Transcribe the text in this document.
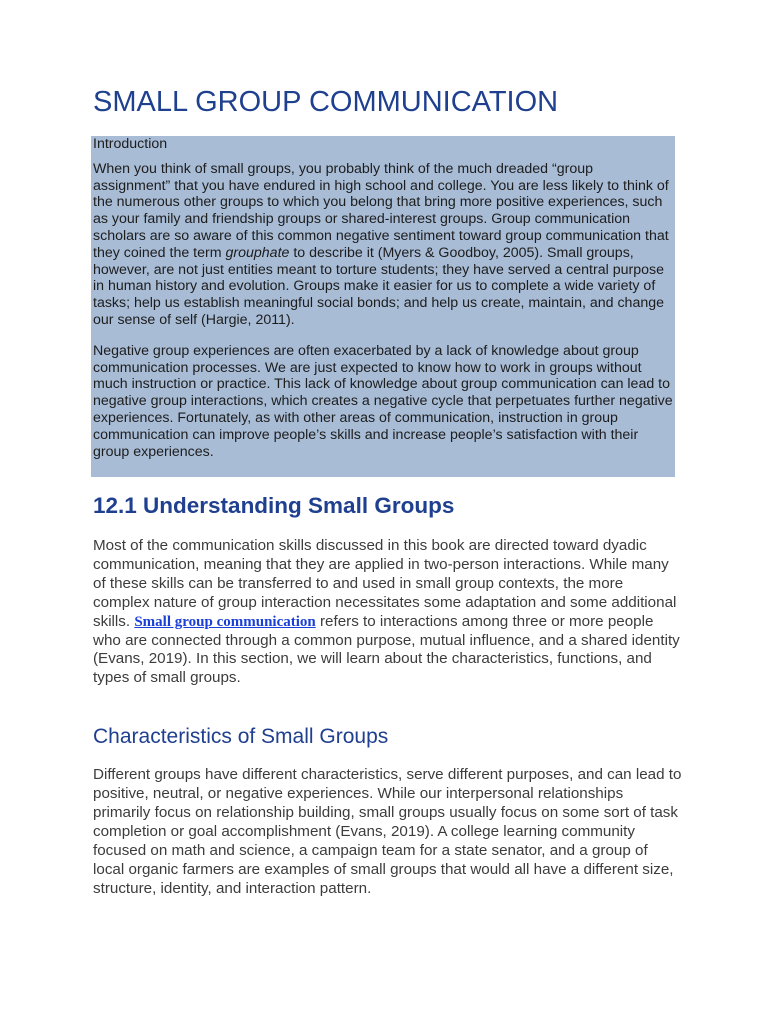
SMALL GROUP COMMUNICATION

Introduction

When you think of small groups, you probably think of the much dreaded “group assignment” that you have endured in high school and college. You are less likely to think of the numerous other groups to which you belong that bring more positive experiences, such as your family and friendship groups or shared-interest groups. Group communication scholars are so aware of this common negative sentiment toward group communication that they coined the term grouphate to describe it (Myers & Goodboy, 2005). Small groups, however, are not just entities meant to torture students; they have served a central purpose in human history and evolution. Groups make it easier for us to complete a wide variety of tasks; help us establish meaningful social bonds; and help us create, maintain, and change our sense of self (Hargie, 2011).

Negative group experiences are often exacerbated by a lack of knowledge about group communication processes. We are just expected to know how to work in groups without much instruction or practice. This lack of knowledge about group communication can lead to negative group interactions, which creates a negative cycle that perpetuates further negative experiences. Fortunately, as with other areas of communication, instruction in group communication can improve people’s skills and increase people’s satisfaction with their group experiences.

12.1 Understanding Small Groups

Most of the communication skills discussed in this book are directed toward dyadic communication, meaning that they are applied in two-person interactions. While many of these skills can be transferred to and used in small group contexts, the more complex nature of group interaction necessitates some adaptation and some additional skills. Small group communication refers to interactions among three or more people who are connected through a common purpose, mutual influence, and a shared identity (Evans, 2019). In this section, we will learn about the characteristics, functions, and types of small groups.

Characteristics of Small Groups

Different groups have different characteristics, serve different purposes, and can lead to positive, neutral, or negative experiences. While our interpersonal relationships primarily focus on relationship building, small groups usually focus on some sort of task completion or goal accomplishment (Evans, 2019). A college learning community focused on math and science, a campaign team for a state senator, and a group of local organic farmers are examples of small groups that would all have a different size, structure, identity, and interaction pattern.
